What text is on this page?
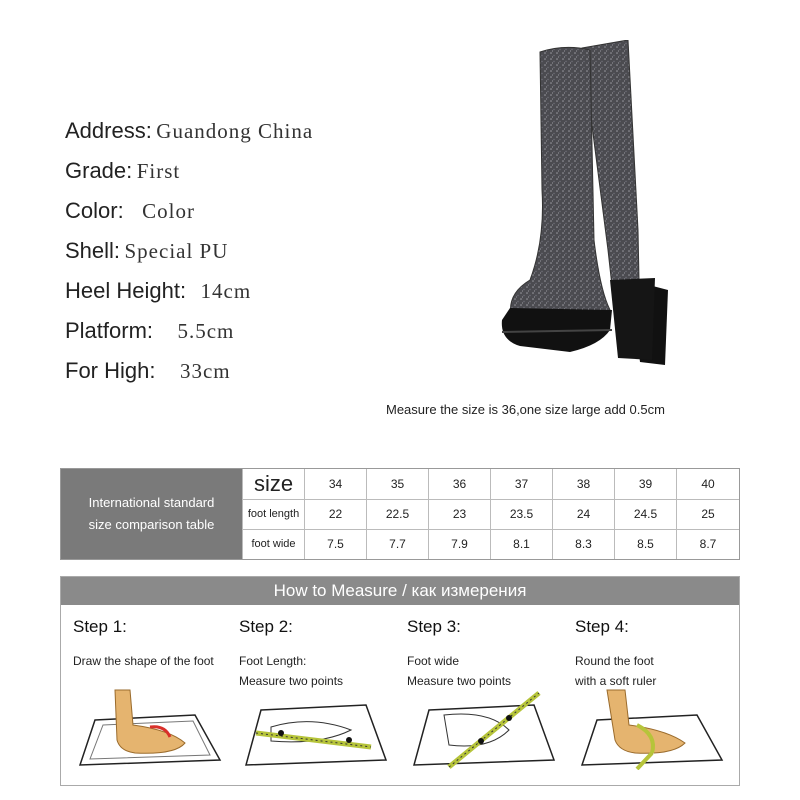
Address: Guandong China
Grade: First
Color: Color
Shell: Special PU
Heel Height: 14cm
Platform: 5.5cm
For High: 33cm
Measure the size is 36,one size large add 0.5cm
International standard
size comparison table
size	34	35	36	37	38	39	40
foot length	22	22.5	23	23.5	24	24.5	25
foot wide	7.5	7.7	7.9	8.1	8.3	8.5	8.7
How to Measure / как измерения
Step 1:
Draw the shape of the foot
Step 2:
Foot Length:
Measure two points
Step 3:
Foot wide
Measure two points
Step 4:
Round the foot
with a soft ruler
